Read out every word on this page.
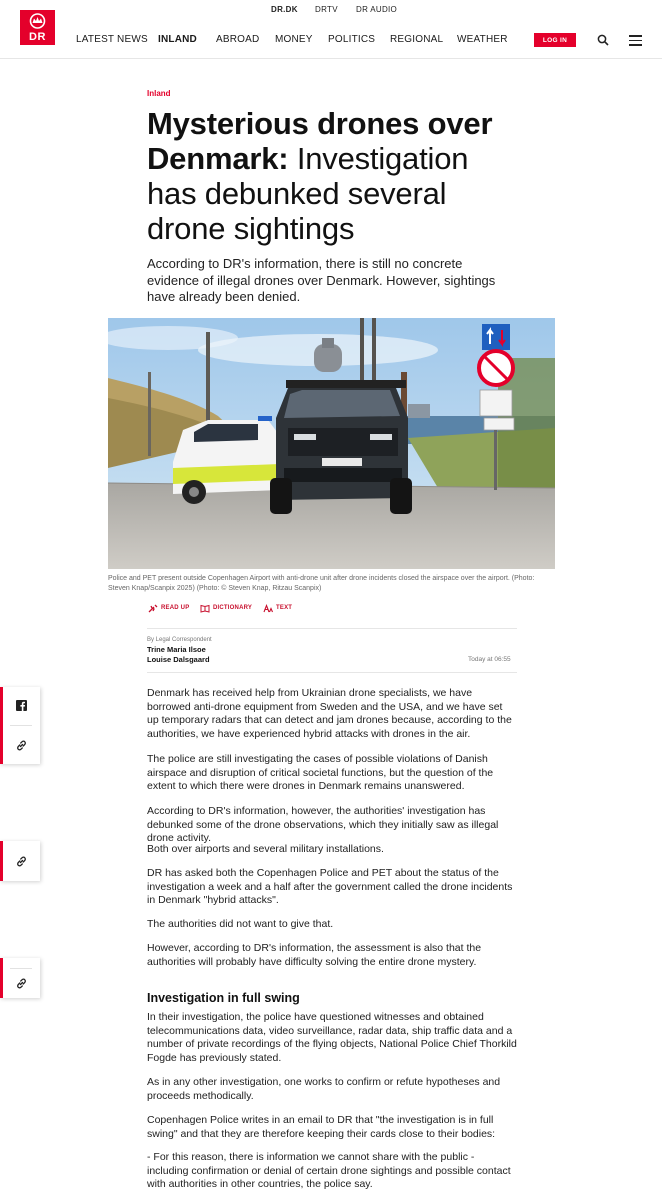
DR.DK DRTV DR AUDIO
DR	LATEST NEWS INLAND ABROAD MONEY POLITICS REGIONAL WEATHER	LOG IN
Inland
Mysterious drones over Denmark: Investigation has debunked several drone sightings

According to DR's information, there is still no concrete evidence of illegal drones over Denmark. However, sightings have already been denied.

Police and PET present outside Copenhagen Airport with anti-drone unit after drone incidents closed the airspace over the airport. (Photo: Steven Knap/Scanpix 2025) (Photo: © Steven Knap, Ritzau Scanpix)

READ UP	DICTIONARY	TEXT
By Legal Correspondent
Trine Maria Ilsoe
Louise Dalsgaard	Today at 06:55

Denmark has received help from Ukrainian drone specialists, we have borrowed anti-drone equipment from Sweden and the USA, and we have set up temporary radars that can detect and jam drones because, according to the authorities, we have experienced hybrid attacks with drones in the air.

The police are still investigating the cases of possible violations of Danish airspace and disruption of critical societal functions, but the question of the extent to which there were drones in Denmark remains unanswered.

According to DR's information, however, the authorities' investigation has debunked some of the drone observations, which they initially saw as illegal drone activity.

Both over airports and several military installations.

DR has asked both the Copenhagen Police and PET about the status of the investigation a week and a half after the government called the drone incidents in Denmark "hybrid attacks".

The authorities did not want to give that.

However, according to DR's information, the assessment is also that the authorities will probably have difficulty solving the entire drone mystery.

Investigation in full swing

In their investigation, the police have questioned witnesses and obtained telecommunications data, video surveillance, radar data, ship traffic data and a number of private recordings of the flying objects, National Police Chief Thorkild Fogde has previously stated.

As in any other investigation, one works to confirm or refute hypotheses and proceeds methodically.

Copenhagen Police writes in an email to DR that "the investigation is in full swing" and that they are therefore keeping their cards close to their bodies:

- For this reason, there is information we cannot share with the public - including confirmation or denial of certain drone sightings and possible contact with authorities in other countries, the police say.
